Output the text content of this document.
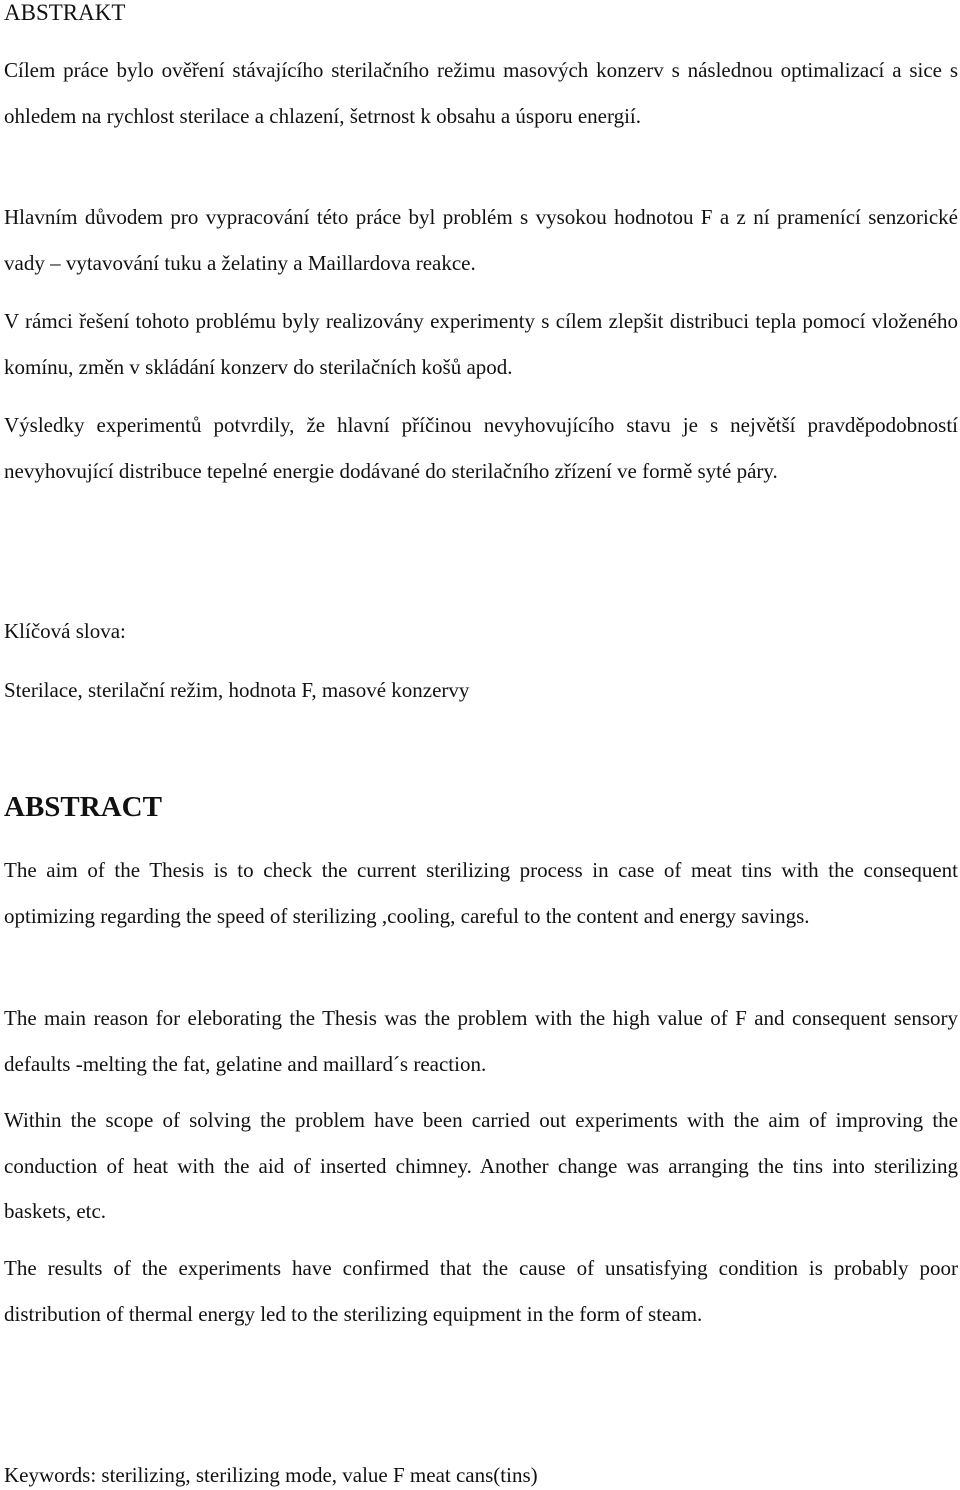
ABSTRAKT
Cílem práce bylo ověření stávajícího sterilačního režimu masových konzerv s následnou optimalizací a sice s ohledem na rychlost sterilace a chlazení, šetrnost k obsahu a úsporu energií.
Hlavním důvodem pro vypracování této práce byl problém s vysokou hodnotou F a z ní pramenící senzorické vady – vytavování tuku a želatiny a Maillardova reakce.
V rámci řešení tohoto problému byly realizovány experimenty s cílem zlepšit distribuci tepla pomocí vloženého komínu, změn v skládání konzerv do sterilačních košů apod.
Výsledky experimentů potvrdily, že hlavní příčinou nevyhovujícího stavu je s největší pravděpodobností nevyhovující distribuce tepelné energie dodávané do sterilačního zřízení ve formě syté páry.
Klíčová slova:
Sterilace, sterilační režim, hodnota F, masové konzervy
ABSTRACT
The aim of the Thesis is to check the current sterilizing process in case of meat tins with the consequent optimizing regarding the speed of sterilizing ,cooling, careful to the content and energy savings.
The main reason for eleborating the Thesis was the problem with the high value of F and consequent sensory defaults -melting the fat, gelatine and maillard´s reaction.
Within the scope of solving the problem have been carried out experiments with the aim of improving the conduction of heat with the aid of inserted chimney. Another change was arranging the tins into sterilizing baskets, etc.
The results of the experiments have confirmed that the cause of unsatisfying condition is probably poor distribution of thermal energy led to the sterilizing equipment in the form of steam.
Keywords: sterilizing, sterilizing mode, value F meat cans(tins)
